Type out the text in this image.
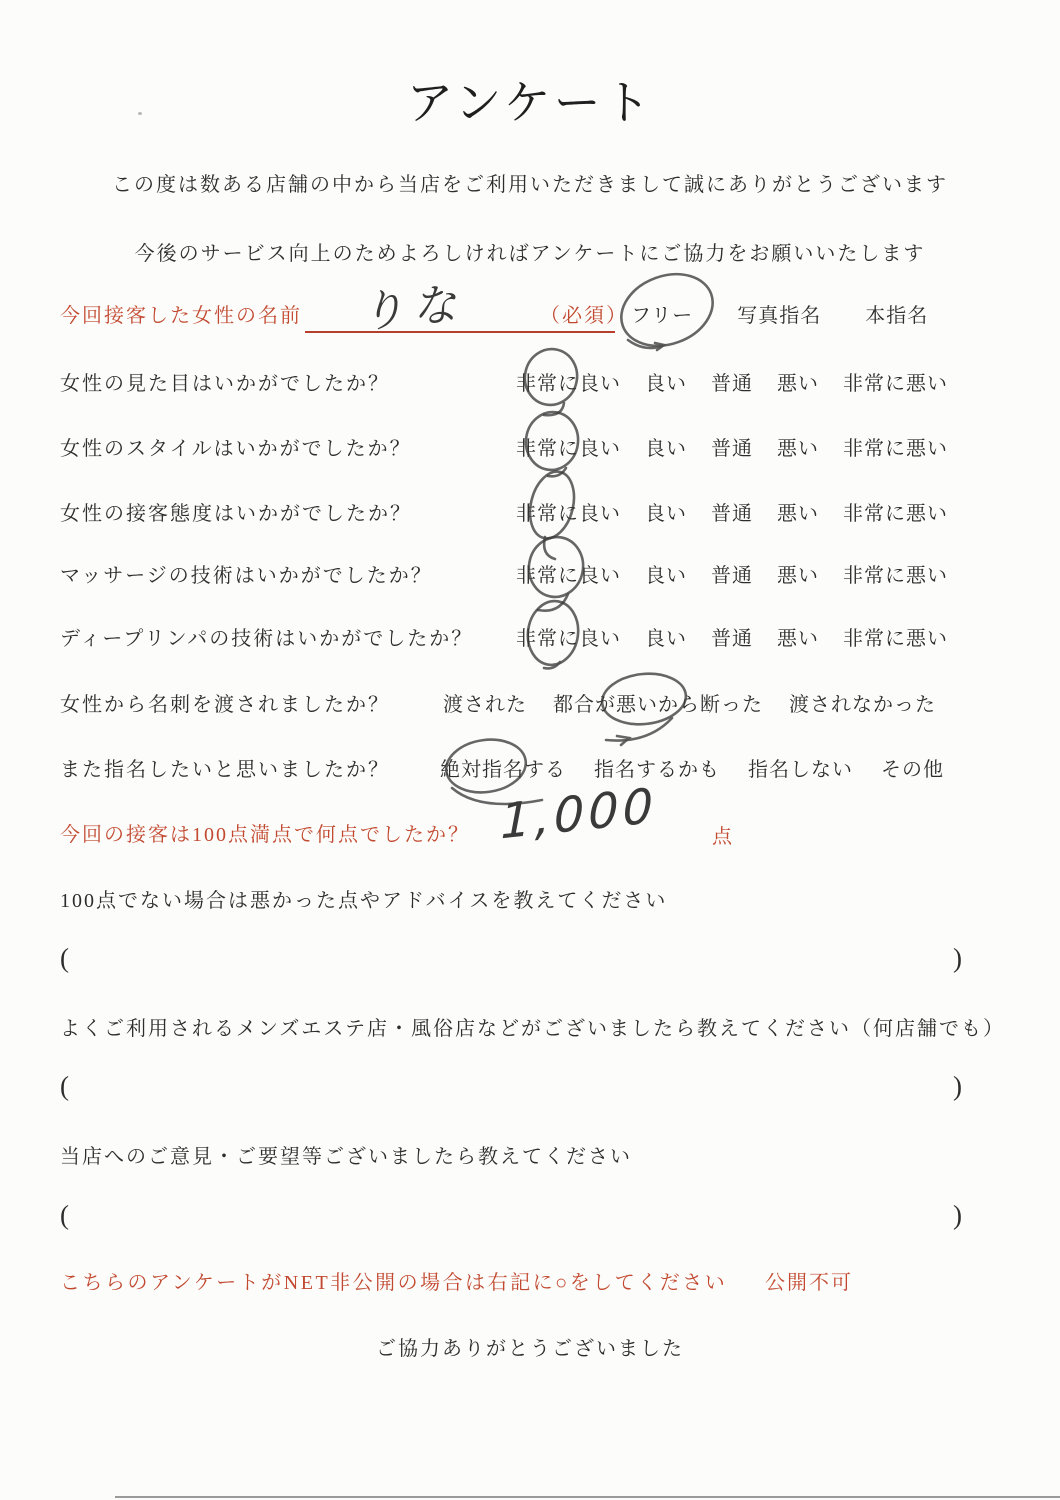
アンケート
この度は数ある店舗の中から当店をご利用いただきまして誠にありがとうございます
今後のサービス向上のためよろしければアンケートにご協力をお願いいたします
今回接客した女性の名前 りな	（必須） フリー 写真指名 本指名
女性の見た目はいかがでしたか？	非常に良い 良い 普通 悪い 非常に悪い
女性のスタイルはいかがでしたか？	非常に良い 良い 普通 悪い 非常に悪い
女性の接客態度はいかがでしたか？	非常に良い 良い 普通 悪い 非常に悪い
マッサージの技術はいかがでしたか？	非常に良い 良い 普通 悪い 非常に悪い
ディープリンパの技術はいかがでしたか？ 非常に良い 良い 普通 悪い 非常に悪い
女性から名刺を渡されましたか？	渡された 都合が悪いから断った 渡されなかった
また指名したいと思いましたか？	絶対指名する 指名するかも 指名しない その他
今回の接客は100点満点で何点でしたか？ 1,000	点
100点でない場合は悪かった点やアドバイスを教えてください
(	)
よくご利用されるメンズエステ店・風俗店などがございましたら教えてください（何店舗でも）
(	)
当店へのご意見・ご要望等ございましたら教えてください
(	)
こちらのアンケートがNET非公開の場合は右記に○をしてください 公開不可
ご協力ありがとうございました
